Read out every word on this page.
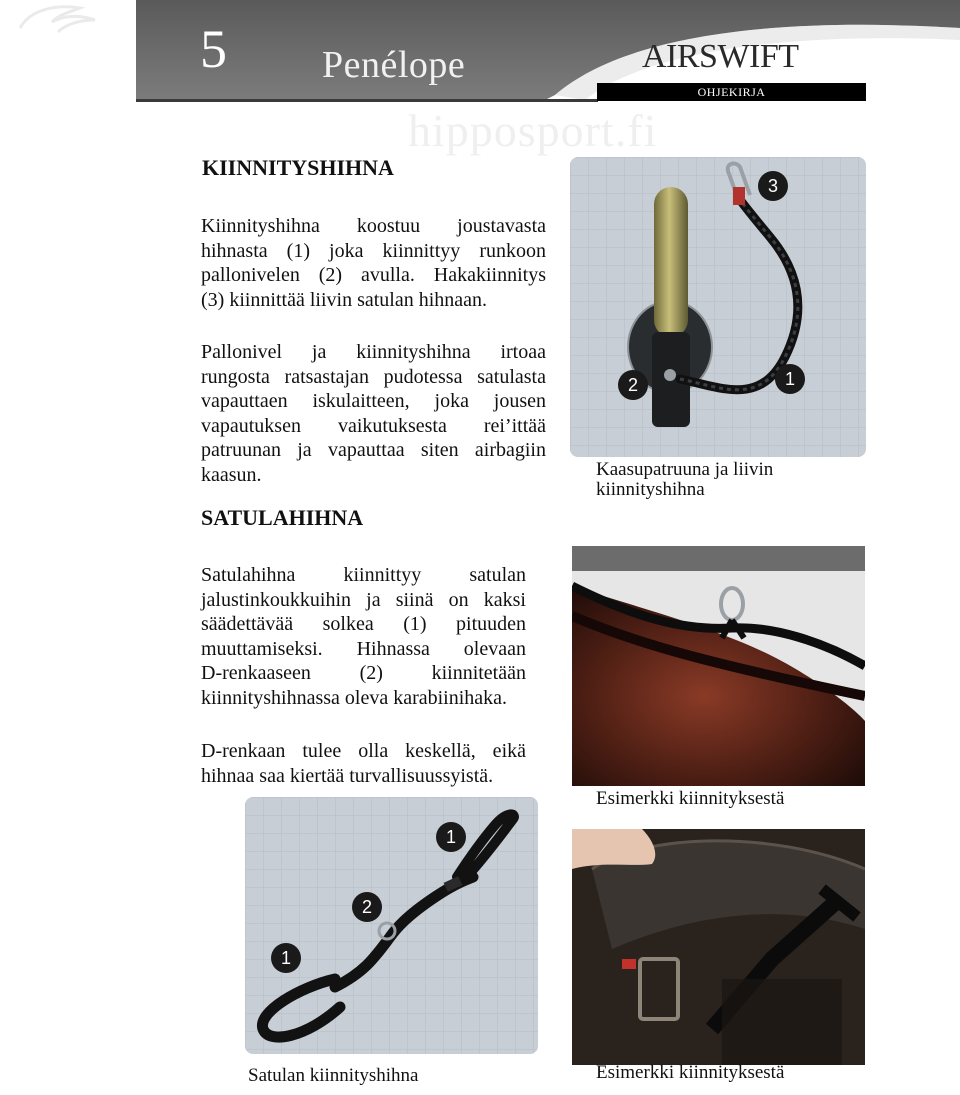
5	Penélope	AIRSWIFT
OHJEKIRJA
hipposport.fi
KIINNITYSHIHNA
Kiinnityshihna koostuu joustavasta
hihnasta (1) joka kiinnittyy runkoon
pallonivelen (2) avulla. Hakakiinnitys
(3) kiinnittää liivin satulan hihnaan.
Pallonivel ja kiinnityshihna irtoaa
rungosta ratsastajan pudotessa satulasta
vapauttaen iskulaitteen, joka jousen
vapautuksen vaikutuksesta rei’ittää
patruunan ja vapauttaa siten airbagiin
kaasun.
SATULAHIHNA
Satulahihna kiinnittyy satulan
jalustinkoukkuihin ja siinä on kaksi
säädettävää solkea (1) pituuden
muuttamiseksi. Hihnassa olevaan
D-renkaaseen (2) kiinnitetään
kiinnityshihnassa oleva karabiinihaka.
D-renkaan tulee olla keskellä, eikä
hihnaa saa kiertää turvallisuussyistä.
3
2	1
Kaasupatruuna ja liivin
kiinnityshihna
Esimerkki kiinnityksestä
Esimerkki kiinnityksestä
1
2
1
Satulan kiinnityshihna
